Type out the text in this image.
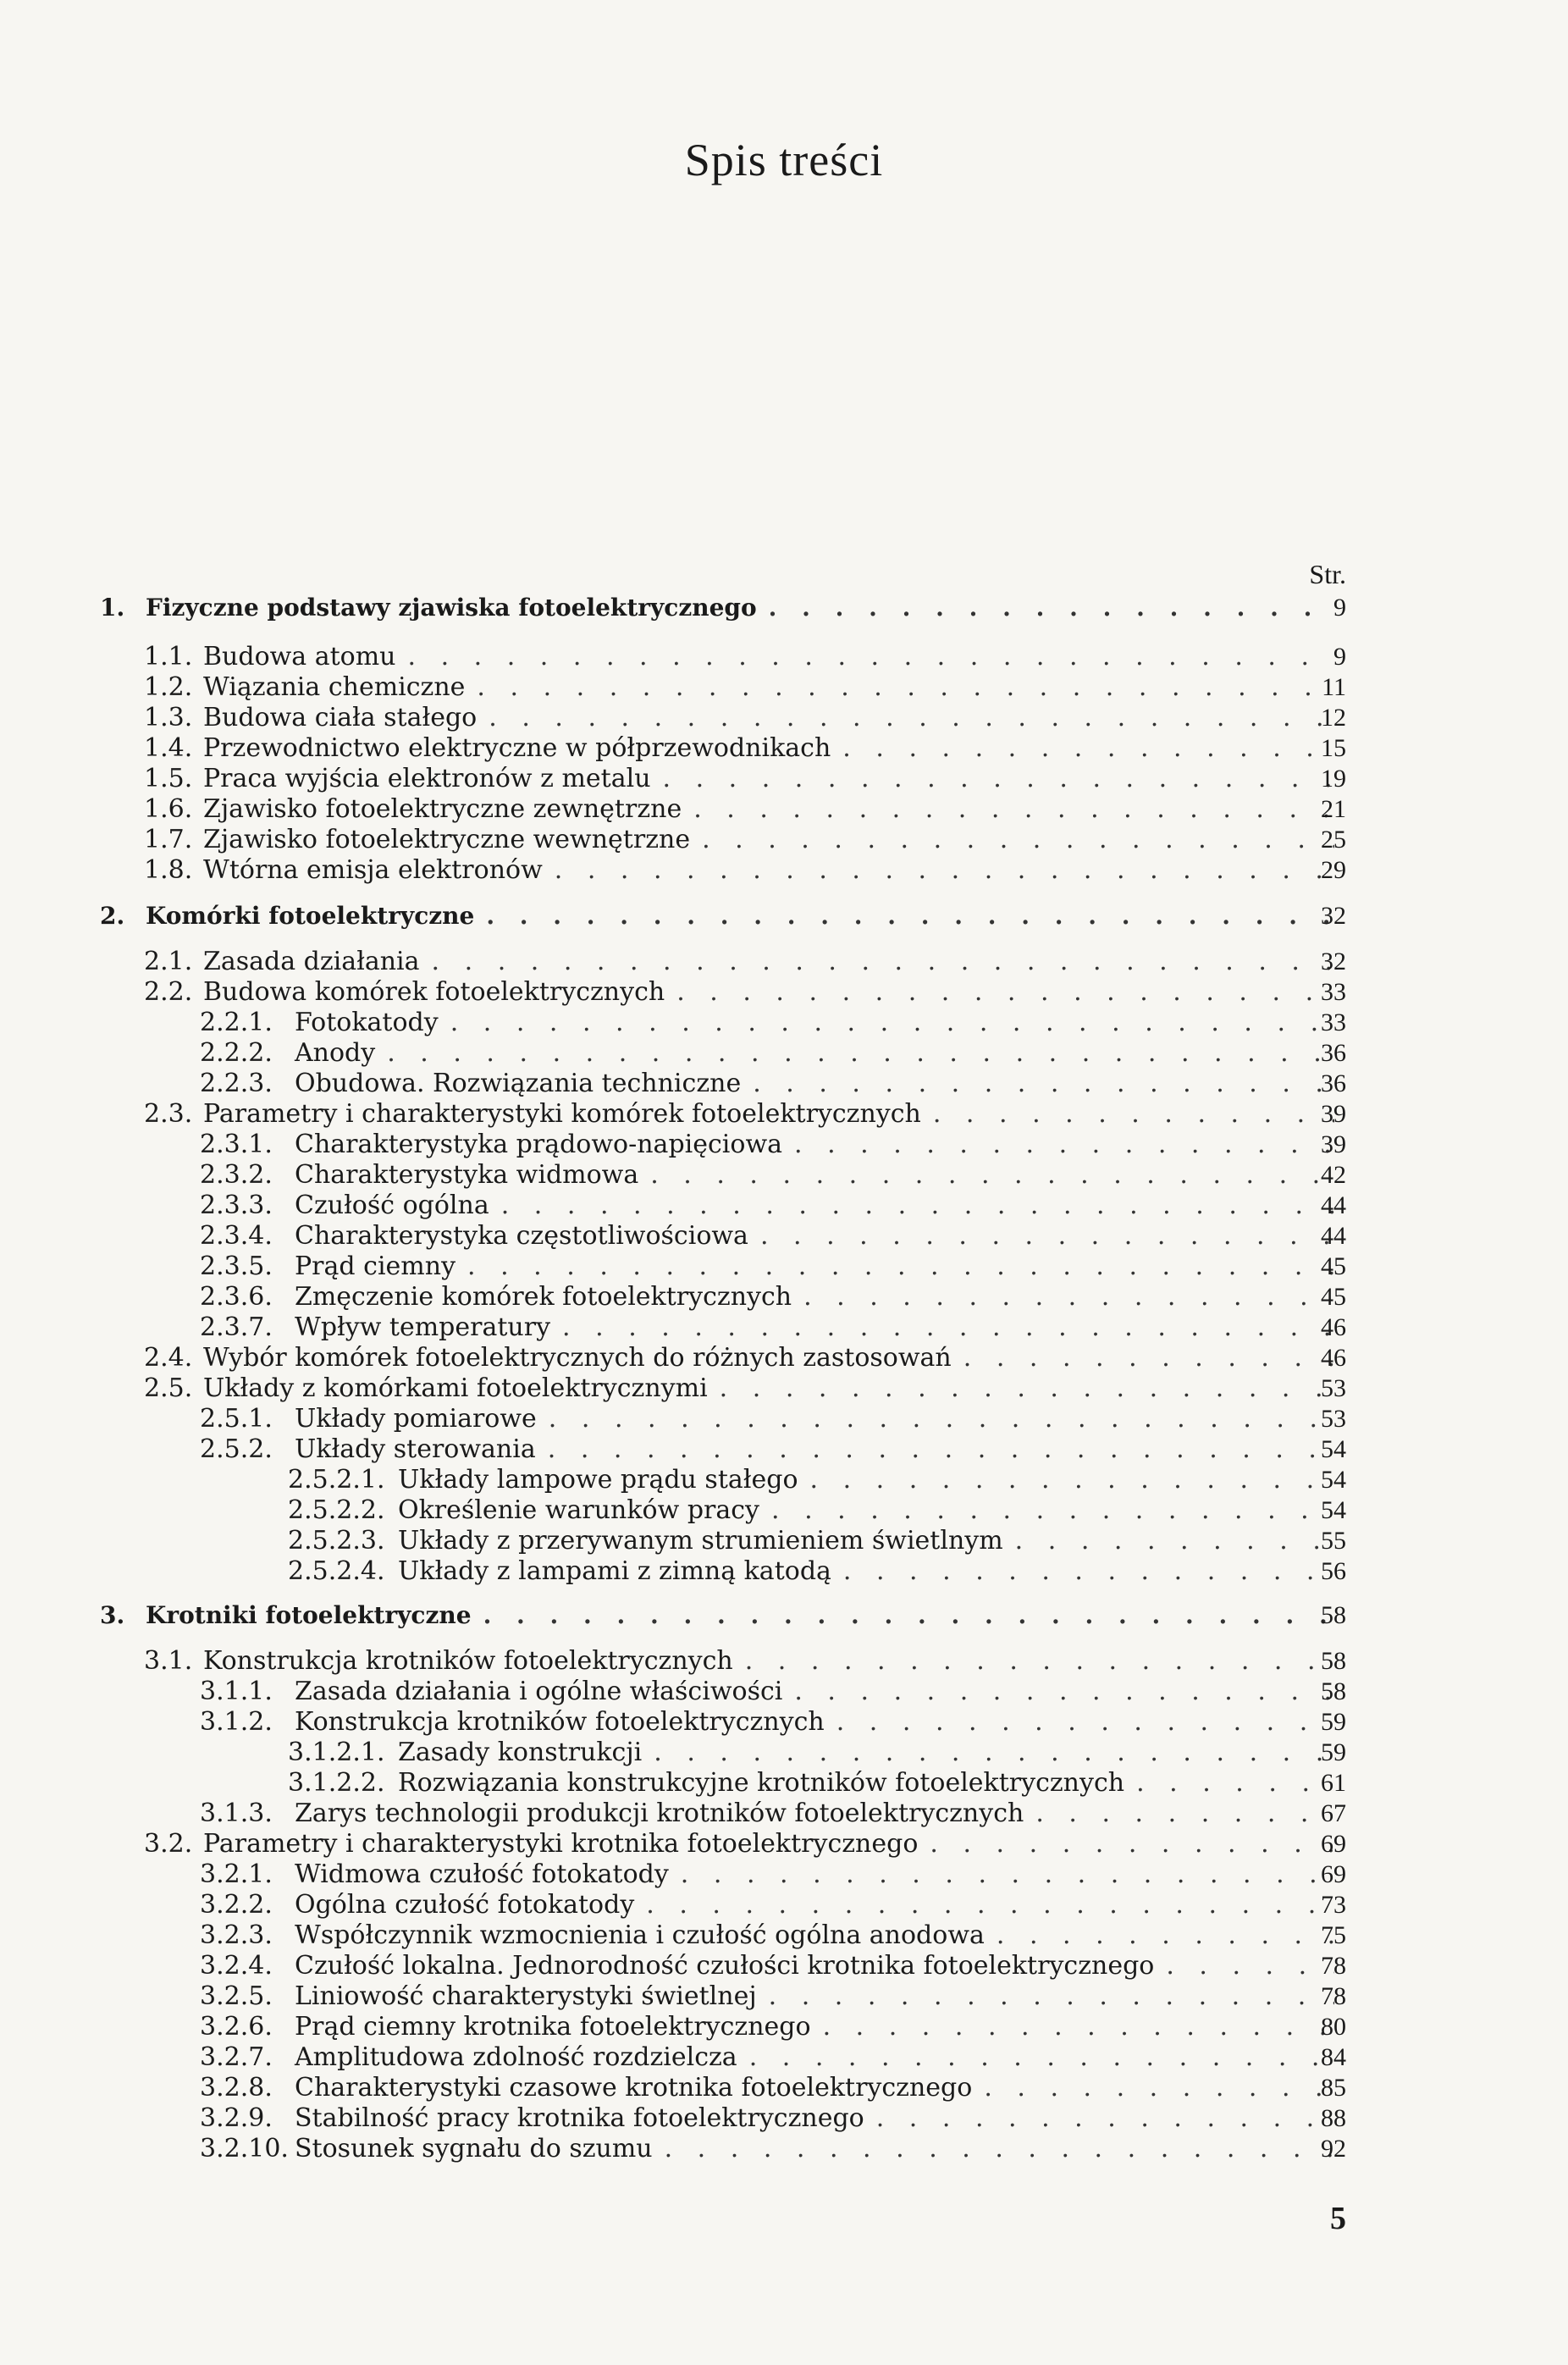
Spis treści
Str.
1. Fizyczne podstawy zjawiska fotoelektrycznego . . .	9
1.1. Budowa atomu . . .	9
1.2. Wiązania chemiczne . . .	11
1.3. Budowa ciała stałego . . .	12
1.4. Przewodnictwo elektryczne w półprzewodnikach . . .	15
1.5. Praca wyjścia elektronów z metalu . . .	19
1.6. Zjawisko fotoelektryczne zewnętrzne . . .	21
1.7. Zjawisko fotoelektryczne wewnętrzne . . .	25
1.8. Wtórna emisja elektronów . . .	29
2. Komórki fotoelektryczne . . .	32
2.1. Zasada działania . . .	32
2.2. Budowa komórek fotoelektrycznych . . .	33
2.2.1. Fotokatody . . .	33
2.2.2. Anody . . .	36
2.2.3. Obudowa. Rozwiązania techniczne . . .	36
2.3. Parametry i charakterystyki komórek fotoelektrycznych . . .	39
2.3.1. Charakterystyka prądowo-napięciowa . . .	39
2.3.2. Charakterystyka widmowa . . .	42
2.3.3. Czułość ogólna . . .	44
2.3.4. Charakterystyka częstotliwościowa . . .	44
2.3.5. Prąd ciemny . . .	45
2.3.6. Zmęczenie komórek fotoelektrycznych . . .	45
2.3.7. Wpływ temperatury . . .	46
2.4. Wybór komórek fotoelektrycznych do różnych zastosowań . . .	46
2.5. Układy z komórkami fotoelektrycznymi . . .	53
2.5.1. Układy pomiarowe . . .	53
2.5.2. Układy sterowania . . .	54
2.5.2.1. Układy lampowe prądu stałego . . .	54
2.5.2.2. Określenie warunków pracy . . .	54
2.5.2.3. Układy z przerywanym strumieniem świetlnym . . .	55
2.5.2.4. Układy z lampami z zimną katodą . . .	56
3. Krotniki fotoelektryczne . . .	58
3.1. Konstrukcja krotników fotoelektrycznych . . .	58
3.1.1. Zasada działania i ogólne właściwości . . .	58
3.1.2. Konstrukcja krotników fotoelektrycznych . . .	59
3.1.2.1. Zasady konstrukcji . . .	59
3.1.2.2. Rozwiązania konstrukcyjne krotników fotoelektrycznych . . .	61
3.1.3. Zarys technologii produkcji krotników fotoelektrycznych . . .	67
3.2. Parametry i charakterystyki krotnika fotoelektrycznego . . .	69
3.2.1. Widmowa czułość fotokatody . . .	69
3.2.2. Ogólna czułość fotokatody . . .	73
3.2.3. Współczynnik wzmocnienia i czułość ogólna anodowa . . .	75
3.2.4. Czułość lokalna. Jednorodność czułości krotnika fotoelektrycznego . . .	78
3.2.5. Liniowość charakterystyki świetlnej . . .	78
3.2.6. Prąd ciemny krotnika fotoelektrycznego . . .	80
3.2.7. Amplitudowa zdolność rozdzielcza . . .	84
3.2.8. Charakterystyki czasowe krotnika fotoelektrycznego . . .	85
3.2.9. Stabilność pracy krotnika fotoelektrycznego . . .	88
3.2.10. Stosunek sygnału do szumu . . .	92
5
